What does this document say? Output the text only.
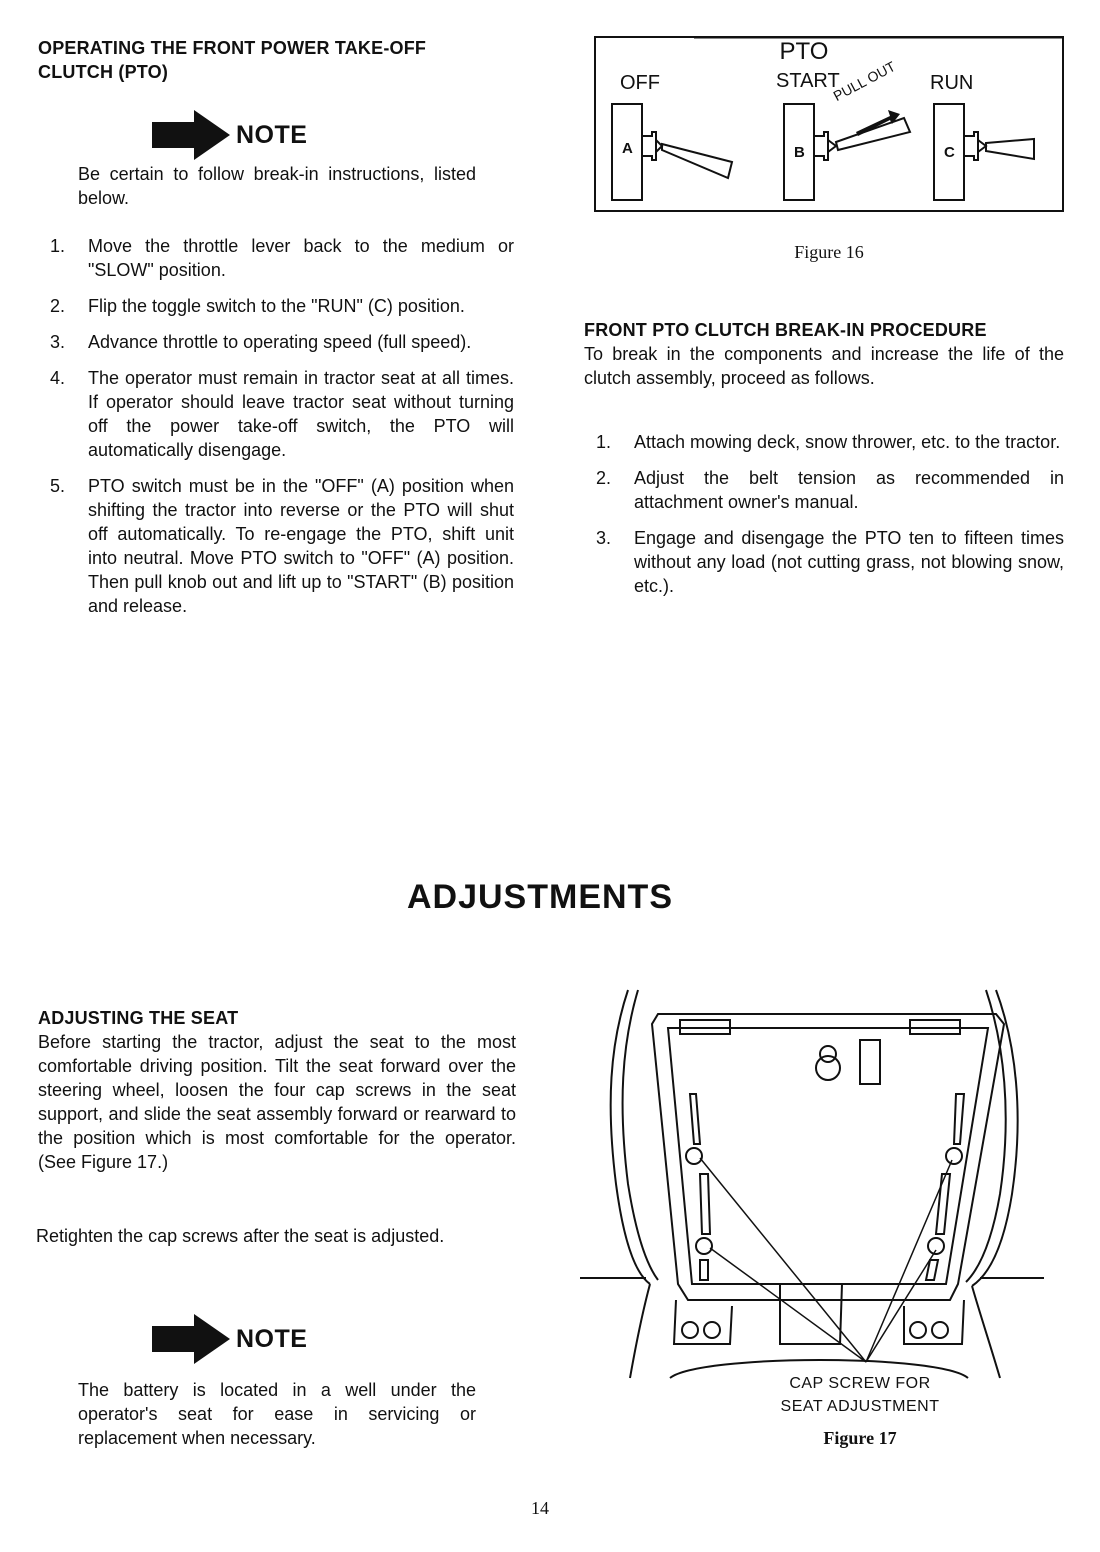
OPERATING THE FRONT POWER TAKE-OFF
CLUTCH (PTO)
NOTE
Be certain to follow break-in instructions, listed below.
1. Move the throttle lever back to the medium or "SLOW" position.
2. Flip the toggle switch to the "RUN" (C) position.
3. Advance throttle to operating speed (full speed).
4. The operator must remain in tractor seat at all times. If operator should leave tractor seat without turning off the power take-off switch, the PTO will automatically disengage.
5. PTO switch must be in the "OFF" (A) position when shifting the tractor into reverse or the PTO will shut off automatically. To re-engage the PTO, shift unit into neutral. Move PTO switch to "OFF" (A) position. Then pull knob out and lift up to "START" (B) position and release.
PTO
OFF	START	RUN
PULL OUT
A	B	C
Figure 16
FRONT PTO CLUTCH BREAK-IN PROCEDURE
To break in the components and increase the life of the clutch assembly, proceed as follows.
1. Attach mowing deck, snow thrower, etc. to the tractor.
2. Adjust the belt tension as recommended in attachment owner's manual.
3. Engage and disengage the PTO ten to fifteen times without any load (not cutting grass, not blowing snow, etc.).
ADJUSTMENTS
ADJUSTING THE SEAT
Before starting the tractor, adjust the seat to the most comfortable driving position. Tilt the seat forward over the steering wheel, loosen the four cap screws in the seat support, and slide the seat assembly forward or rearward to the position which is most comfortable for the operator. (See Figure 17.)
Retighten the cap screws after the seat is adjusted.
NOTE
The battery is located in a well under the operator's seat for ease in servicing or replacement when necessary.
CAP SCREW FOR
SEAT ADJUSTMENT
Figure 17
14
